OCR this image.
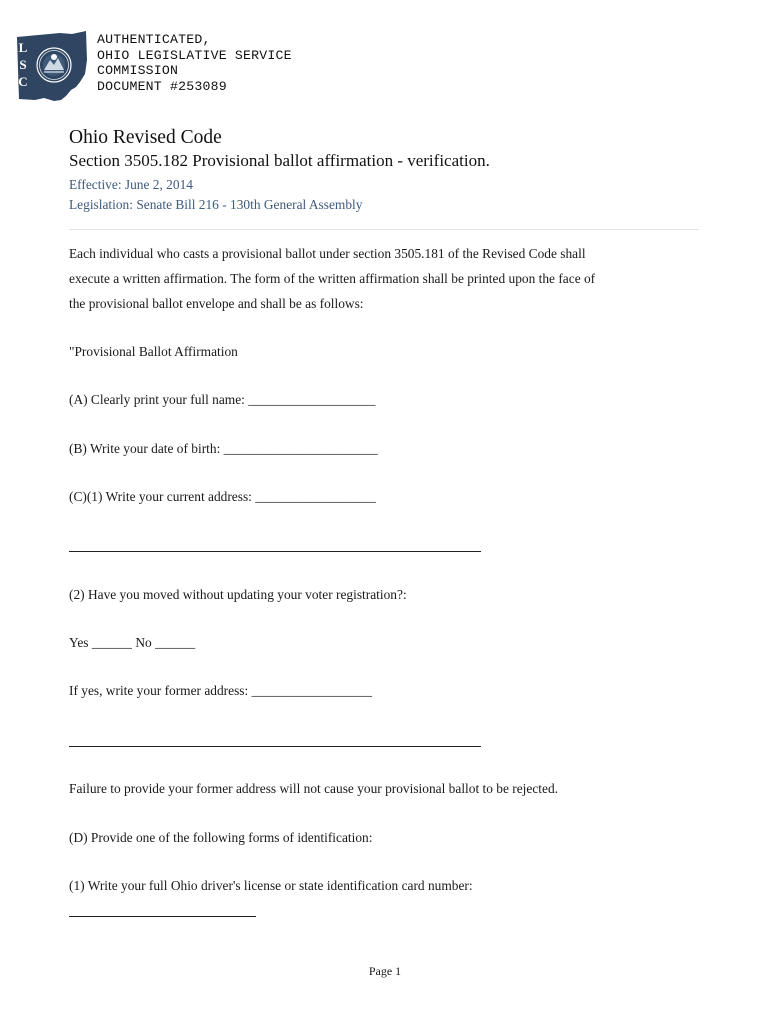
L
S
C
AUTHENTICATED,
OHIO LEGISLATIVE SERVICE
COMMISSION
DOCUMENT #253089
Ohio Revised Code
Section 3505.182 Provisional ballot affirmation - verification.
Effective: June 2, 2014
Legislation: Senate Bill 216 - 130th General Assembly
Each individual who casts a provisional ballot under section 3505.181 of the Revised Code shall
execute a written affirmation. The form of the written affirmation shall be printed upon the face of
the provisional ballot envelope and shall be as follows:
"Provisional Ballot Affirmation
(A) Clearly print your full name: ___________________
(B) Write your date of birth: _______________________
(C)(1) Write your current address: __________________
(2) Have you moved without updating your voter registration?:
Yes ______ No ______
If yes, write your former address: __________________
Failure to provide your former address will not cause your provisional ballot to be rejected.
(D) Provide one of the following forms of identification:
(1) Write your full Ohio driver's license or state identification card number:
Page 1
